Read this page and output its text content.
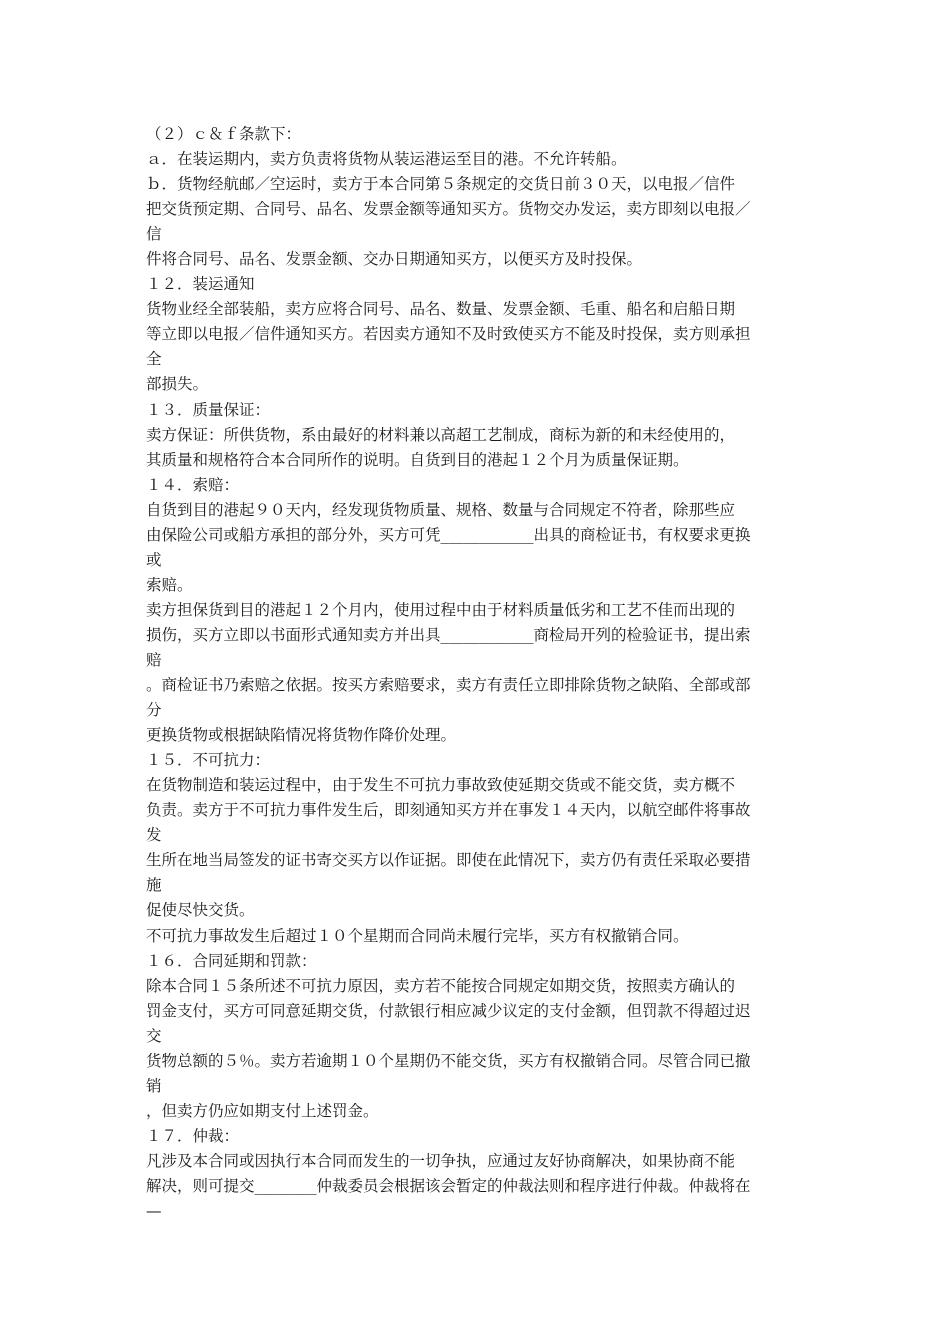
（２）ｃ＆ｆ条款下：
ａ．在装运期内，卖方负责将货物从装运港运至目的港。不允许转船。
ｂ．货物经航邮／空运时，卖方于本合同第５条规定的交货日前３０天，以电报／信件
把交货预定期、合同号、品名、发票金额等通知买方。货物交办发运，卖方即刻以电报／
信
件将合同号、品名、发票金额、交办日期通知买方，以便买方及时投保。
１２．装运通知
货物业经全部装船，卖方应将合同号、品名、数量、发票金额、毛重、船名和启船日期
等立即以电报／信件通知买方。若因卖方通知不及时致使买方不能及时投保，卖方则承担
全
部损失。
１３．质量保证：
卖方保证：所供货物，系由最好的材料兼以高超工艺制成，商标为新的和未经使用的，
其质量和规格符合本合同所作的说明。自货到目的港起１２个月为质量保证期。
１４．索赔：
自货到目的港起９０天内，经发现货物质量、规格、数量与合同规定不符者，除那些应
由保险公司或船方承担的部分外，买方可凭____________出具的商检证书，有权要求更换
或
索赔。
卖方担保货到目的港起１２个月内，使用过程中由于材料质量低劣和工艺不佳而出现的
损伤，买方立即以书面形式通知卖方并出具____________商检局开列的检验证书，提出索
赔
。商检证书乃索赔之依据。按买方索赔要求，卖方有责任立即排除货物之缺陷、全部或部
分
更换货物或根据缺陷情况将货物作降价处理。
１５．不可抗力：
在货物制造和装运过程中，由于发生不可抗力事故致使延期交货或不能交货，卖方概不
负责。卖方于不可抗力事件发生后，即刻通知买方并在事发１４天内，以航空邮件将事故
发
生所在地当局签发的证书寄交买方以作证据。即使在此情况下，卖方仍有责任采取必要措
施
促使尽快交货。
不可抗力事故发生后超过１０个星期而合同尚未履行完毕，买方有权撤销合同。
１６．合同延期和罚款：
除本合同１５条所述不可抗力原因，卖方若不能按合同规定如期交货，按照卖方确认的
罚金支付，买方可同意延期交货，付款银行相应减少议定的支付金额，但罚款不得超过迟
交
货物总额的５％。卖方若逾期１０个星期仍不能交货，买方有权撤销合同。尽管合同已撤
销
，但卖方仍应如期支付上述罚金。
１７．仲裁：
凡涉及本合同或因执行本合同而发生的一切争执，应通过友好协商解决，如果协商不能
解决，则可提交________仲裁委员会根据该会暂定的仲裁法则和程序进行仲裁。仲裁将在
—
